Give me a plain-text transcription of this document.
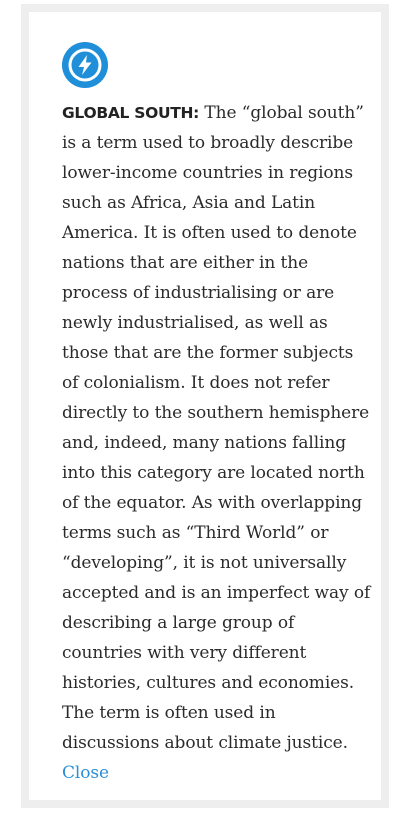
GLOBAL SOUTH: The “global south” is a term used to broadly describe lower-income countries in regions such as Africa, Asia and Latin America. It is often used to denote nations that are either in the process of industrialising or are newly industrialised, as well as those that are the former subjects of colonialism. It does not refer directly to the southern hemisphere and, indeed, many nations falling into this category are located north of the equator. As with overlapping terms such as “Third World” or “developing”, it is not universally accepted and is an imperfect way of describing a large group of countries with very different histories, cultures and economies. The term is often used in discussions about climate justice.
Close
